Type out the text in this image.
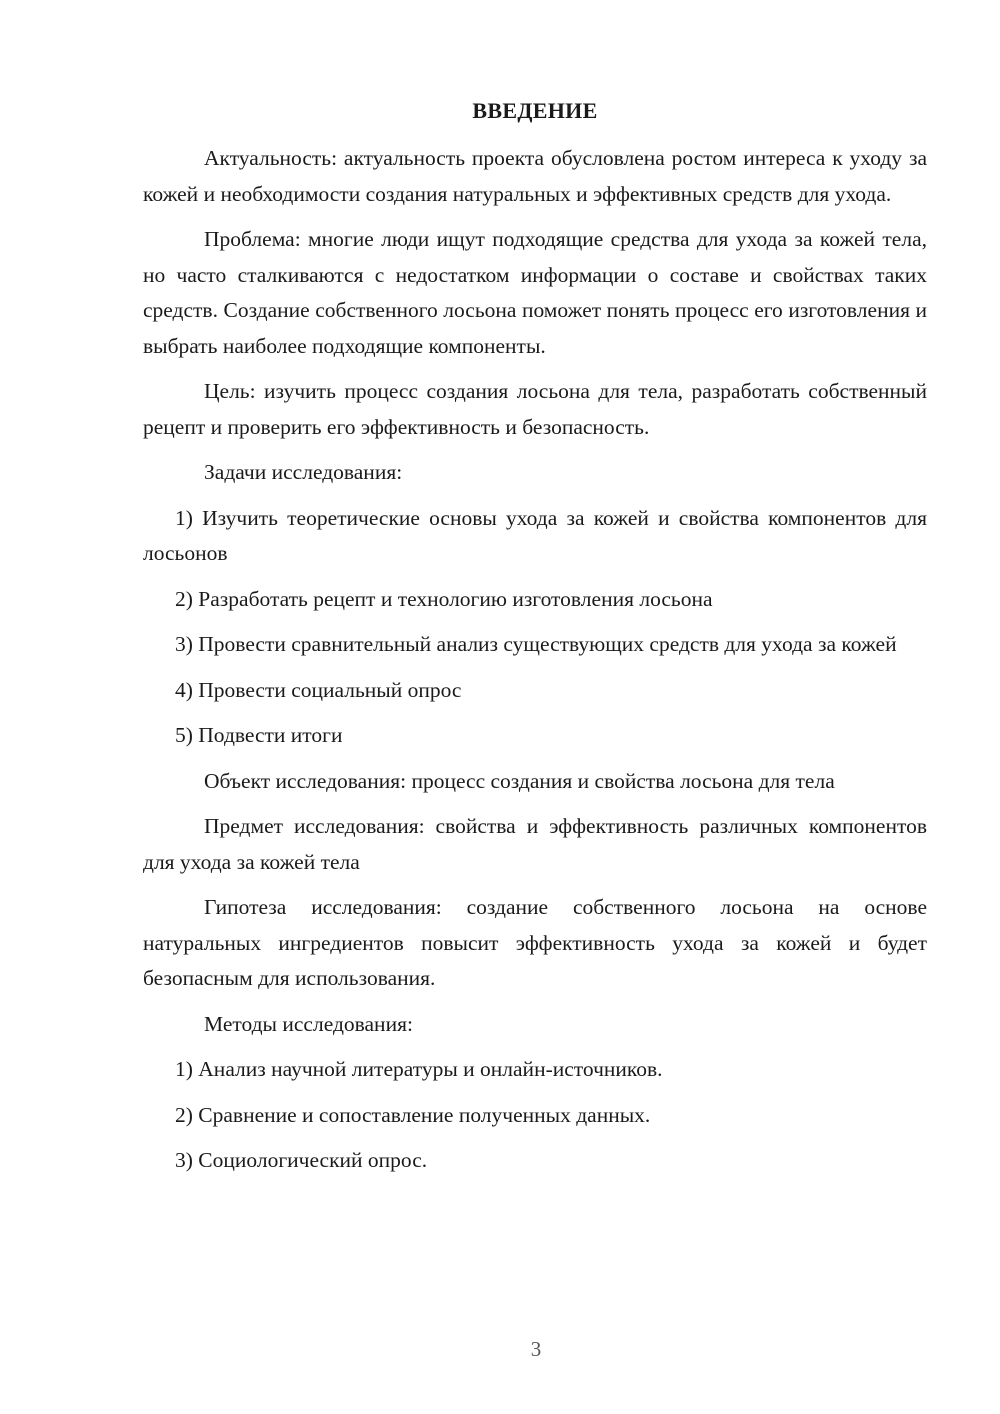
ВВЕДЕНИЕ

Актуальность: актуальность проекта обусловлена ростом интереса к уходу за кожей и необходимости создания натуральных и эффективных средств для ухода.

Проблема: многие люди ищут подходящие средства для ухода за кожей тела, но часто сталкиваются с недостатком информации о составе и свойствах таких средств. Создание собственного лосьона поможет понять процесс его изготовления и выбрать наиболее подходящие компоненты.

Цель: изучить процесс создания лосьона для тела, разработать собственный рецепт и проверить его эффективность и безопасность.

Задачи исследования:

1) Изучить теоретические основы ухода за кожей и свойства компонентов для лосьонов

2) Разработать рецепт и технологию изготовления лосьона

3) Провести сравнительный анализ существующих средств для ухода за кожей

4) Провести социальный опрос

5) Подвести итоги

Объект исследования: процесс создания и свойства лосьона для тела

Предмет исследования: свойства и эффективность различных компонентов для ухода за кожей тела

Гипотеза исследования: создание собственного лосьона на основе натуральных ингредиентов повысит эффективность ухода за кожей и будет безопасным для использования.

Методы исследования:

1) Анализ научной литературы и онлайн-источников.

2) Сравнение и сопоставление полученных данных.

3) Социологический опрос.

3
